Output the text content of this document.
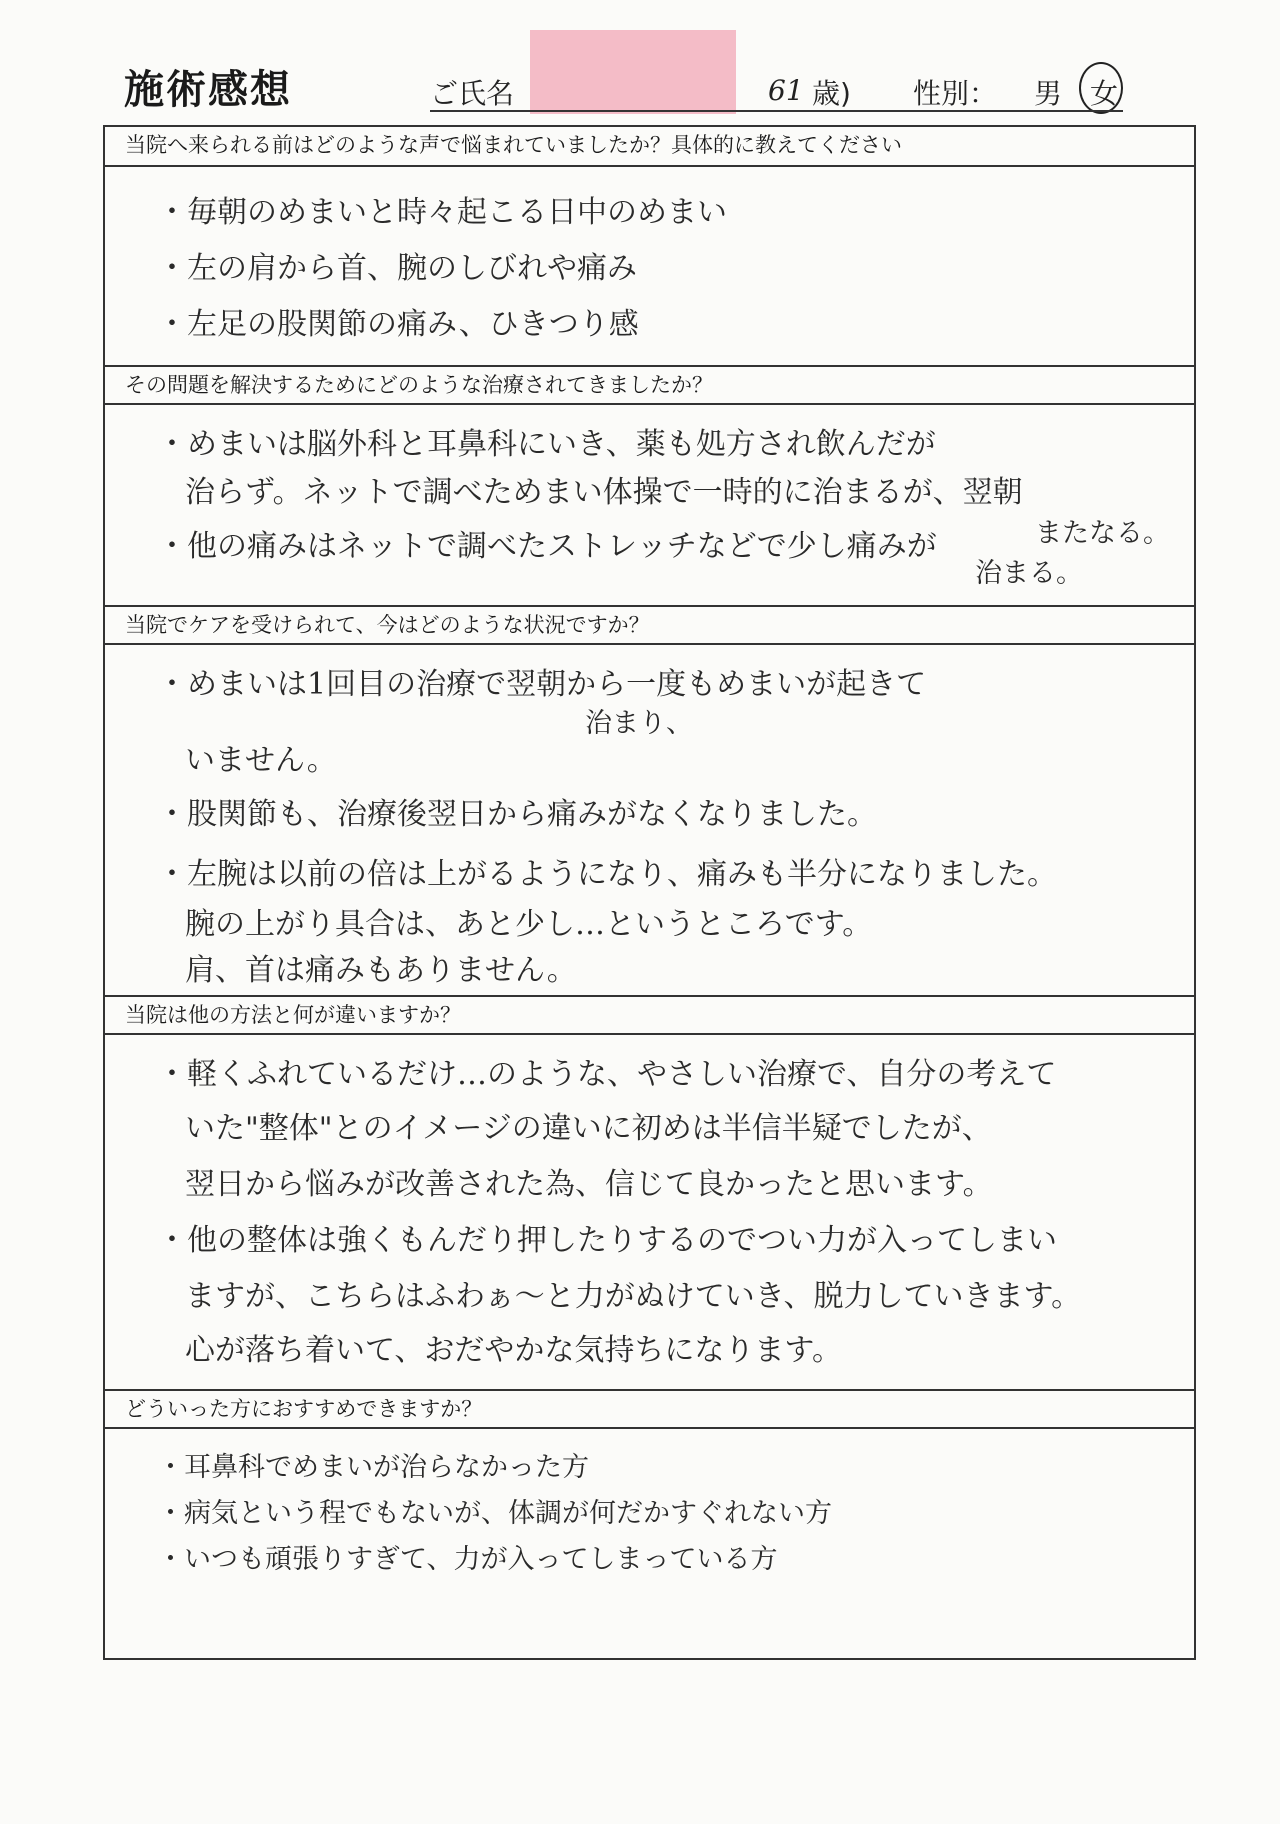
施術感想	ご氏名	61 歳) 性別： 男 女
当院へ来られる前はどのような声で悩まれていましたか？具体的に教えてください
・毎朝のめまいと時々起こる日中のめまい
・左の肩から首、腕のしびれや痛み
・左足の股関節の痛み、ひきつり感
その問題を解決するためにどのような治療されてきましたか？
・めまいは脳外科と耳鼻科にいき、薬も処方され飲んだが
治らず。ネットで調べためまい体操で一時的に治まるが、翌朝
またなる。
・他の痛みはネットで調べたストレッチなどで少し痛みが
治まる。
当院でケアを受けられて、今はどのような状況ですか？
・めまいは1回目の治療で翌朝から一度もめまいが起きて
治まり、
いません。
・股関節も、治療後翌日から痛みがなくなりました。
・左腕は以前の倍は上がるようになり、痛みも半分になりました。
腕の上がり具合は、あと少し…というところです。
肩、首は痛みもありません。
当院は他の方法と何が違いますか？
・軽くふれているだけ…のような、やさしい治療で、自分の考えて
いた"整体"とのイメージの違いに初めは半信半疑でしたが、
翌日から悩みが改善された為、信じて良かったと思います。
・他の整体は強くもんだり押したりするのでつい力が入ってしまい
ますが、こちらはふわぁ〜と力がぬけていき、脱力していきます。
心が落ち着いて、おだやかな気持ちになります。
どういった方におすすめできますか？
・耳鼻科でめまいが治らなかった方
・病気という程でもないが、体調が何だかすぐれない方
・いつも頑張りすぎて、力が入ってしまっている方
